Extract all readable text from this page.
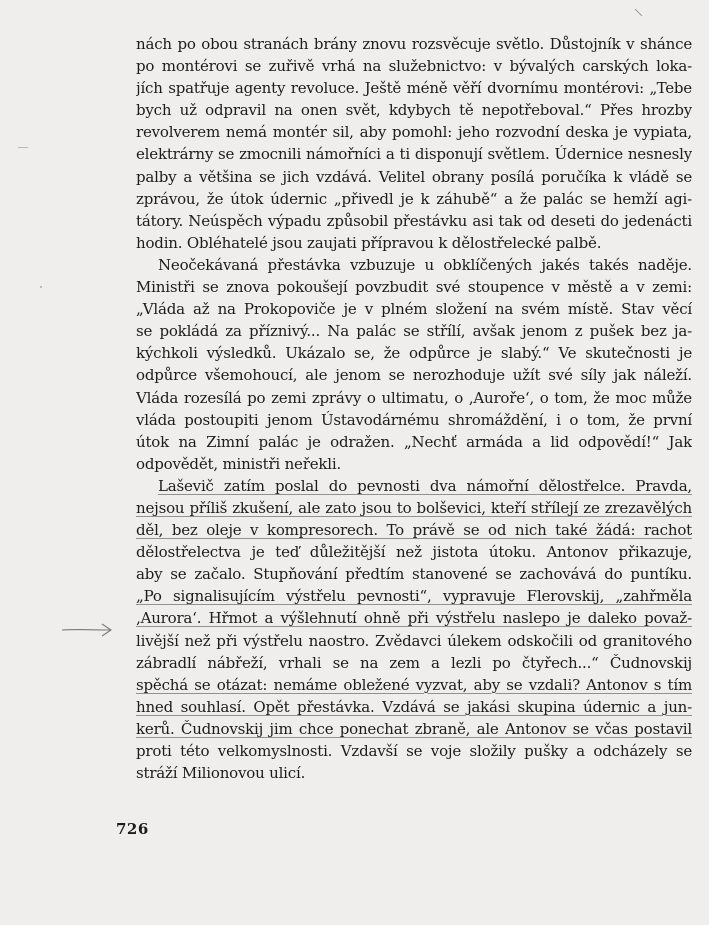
nách po obou stranách brány znovu rozsvěcuje světlo. Důstojník v shánce
po montérovi se zuřivě vrhá na služebnictvo: v bývalých carských loka-
jích spatřuje agenty revoluce. Ještě méně věří dvornímu montérovi: „Tebe
bych už odpravil na onen svět, kdybych tě nepotřeboval.“ Přes hrozby
revolverem nemá montér sil, aby pomohl: jeho rozvodní deska je vypiata,
elektrárny se zmocnili námořníci a ti disponují světlem. Údernice nesnesly
palby a většina se jich vzdává. Velitel obrany posílá poručíka k vládě se
zprávou, že útok údernic „přivedl je k záhubě“ a že palác se hemží agi-
tátory. Neúspěch výpadu způsobil přestávku asi tak od deseti do jedenácti
hodin. Obléhatelé jsou zaujati přípravou k dělostřelecké palbě.
Neočekávaná přestávka vzbuzuje u obklíčených jakés takés naděje.
Ministři se znova pokoušejí povzbudit své stoupence v městě a v zemi:
„Vláda až na Prokopoviče je v plném složení na svém místě. Stav věcí
se pokládá za příznivý... Na palác se střílí, avšak jenom z pušek bez ja-
kýchkoli výsledků. Ukázalo se, že odpůrce je slabý.“ Ve skutečnosti je
odpůrce všemohoucí, ale jenom se nerozhoduje užít své síly jak náleží.
Vláda rozesílá po zemi zprávy o ultimatu, o ‚Auroře‘, o tom, že moc může
vláda postoupiti jenom Ústavodárnému shromáždění, i o tom, že první
útok na Zimní palác je odražen. „Nechť armáda a lid odpovědí!“ Jak
odpovědět, ministři neřekli.
Laševič zatím poslal do pevnosti dva námořní dělostřelce. Pravda,
nejsou příliš zkušení, ale zato jsou to bolševici, kteří střílejí ze zrezavělých
děl, bez oleje v kompresorech. To právě se od nich také žádá: rachot
dělostřelectva je teď důležitější než jistota útoku. Antonov přikazuje,
aby se začalo. Stupňování předtím stanovené se zachovává do puntíku.
„Po signalisujícím výstřelu pevnosti“, vypravuje Flerovskij, „zahřměla
‚Aurora‘. Hřmot a výšlehnutí ohně při výstřelu naslepo je daleko považ-
livější než při výstřelu naostro. Zvědavci úlekem odskočili od granitového
zábradlí nábřeží, vrhali se na zem a lezli po čtyřech...“ Čudnovskij
spěchá se otázat: nemáme obležené vyzvat, aby se vzdali? Antonov s tím
hned souhlasí. Opět přestávka. Vzdává se jakási skupina údernic a jun-
kerů. Čudnovskij jim chce ponechat zbraně, ale Antonov se včas postavil
proti této velkomyslnosti. Vzdavší se voje složily pušky a odcházely se
stráží Milionovou ulicí.
726
